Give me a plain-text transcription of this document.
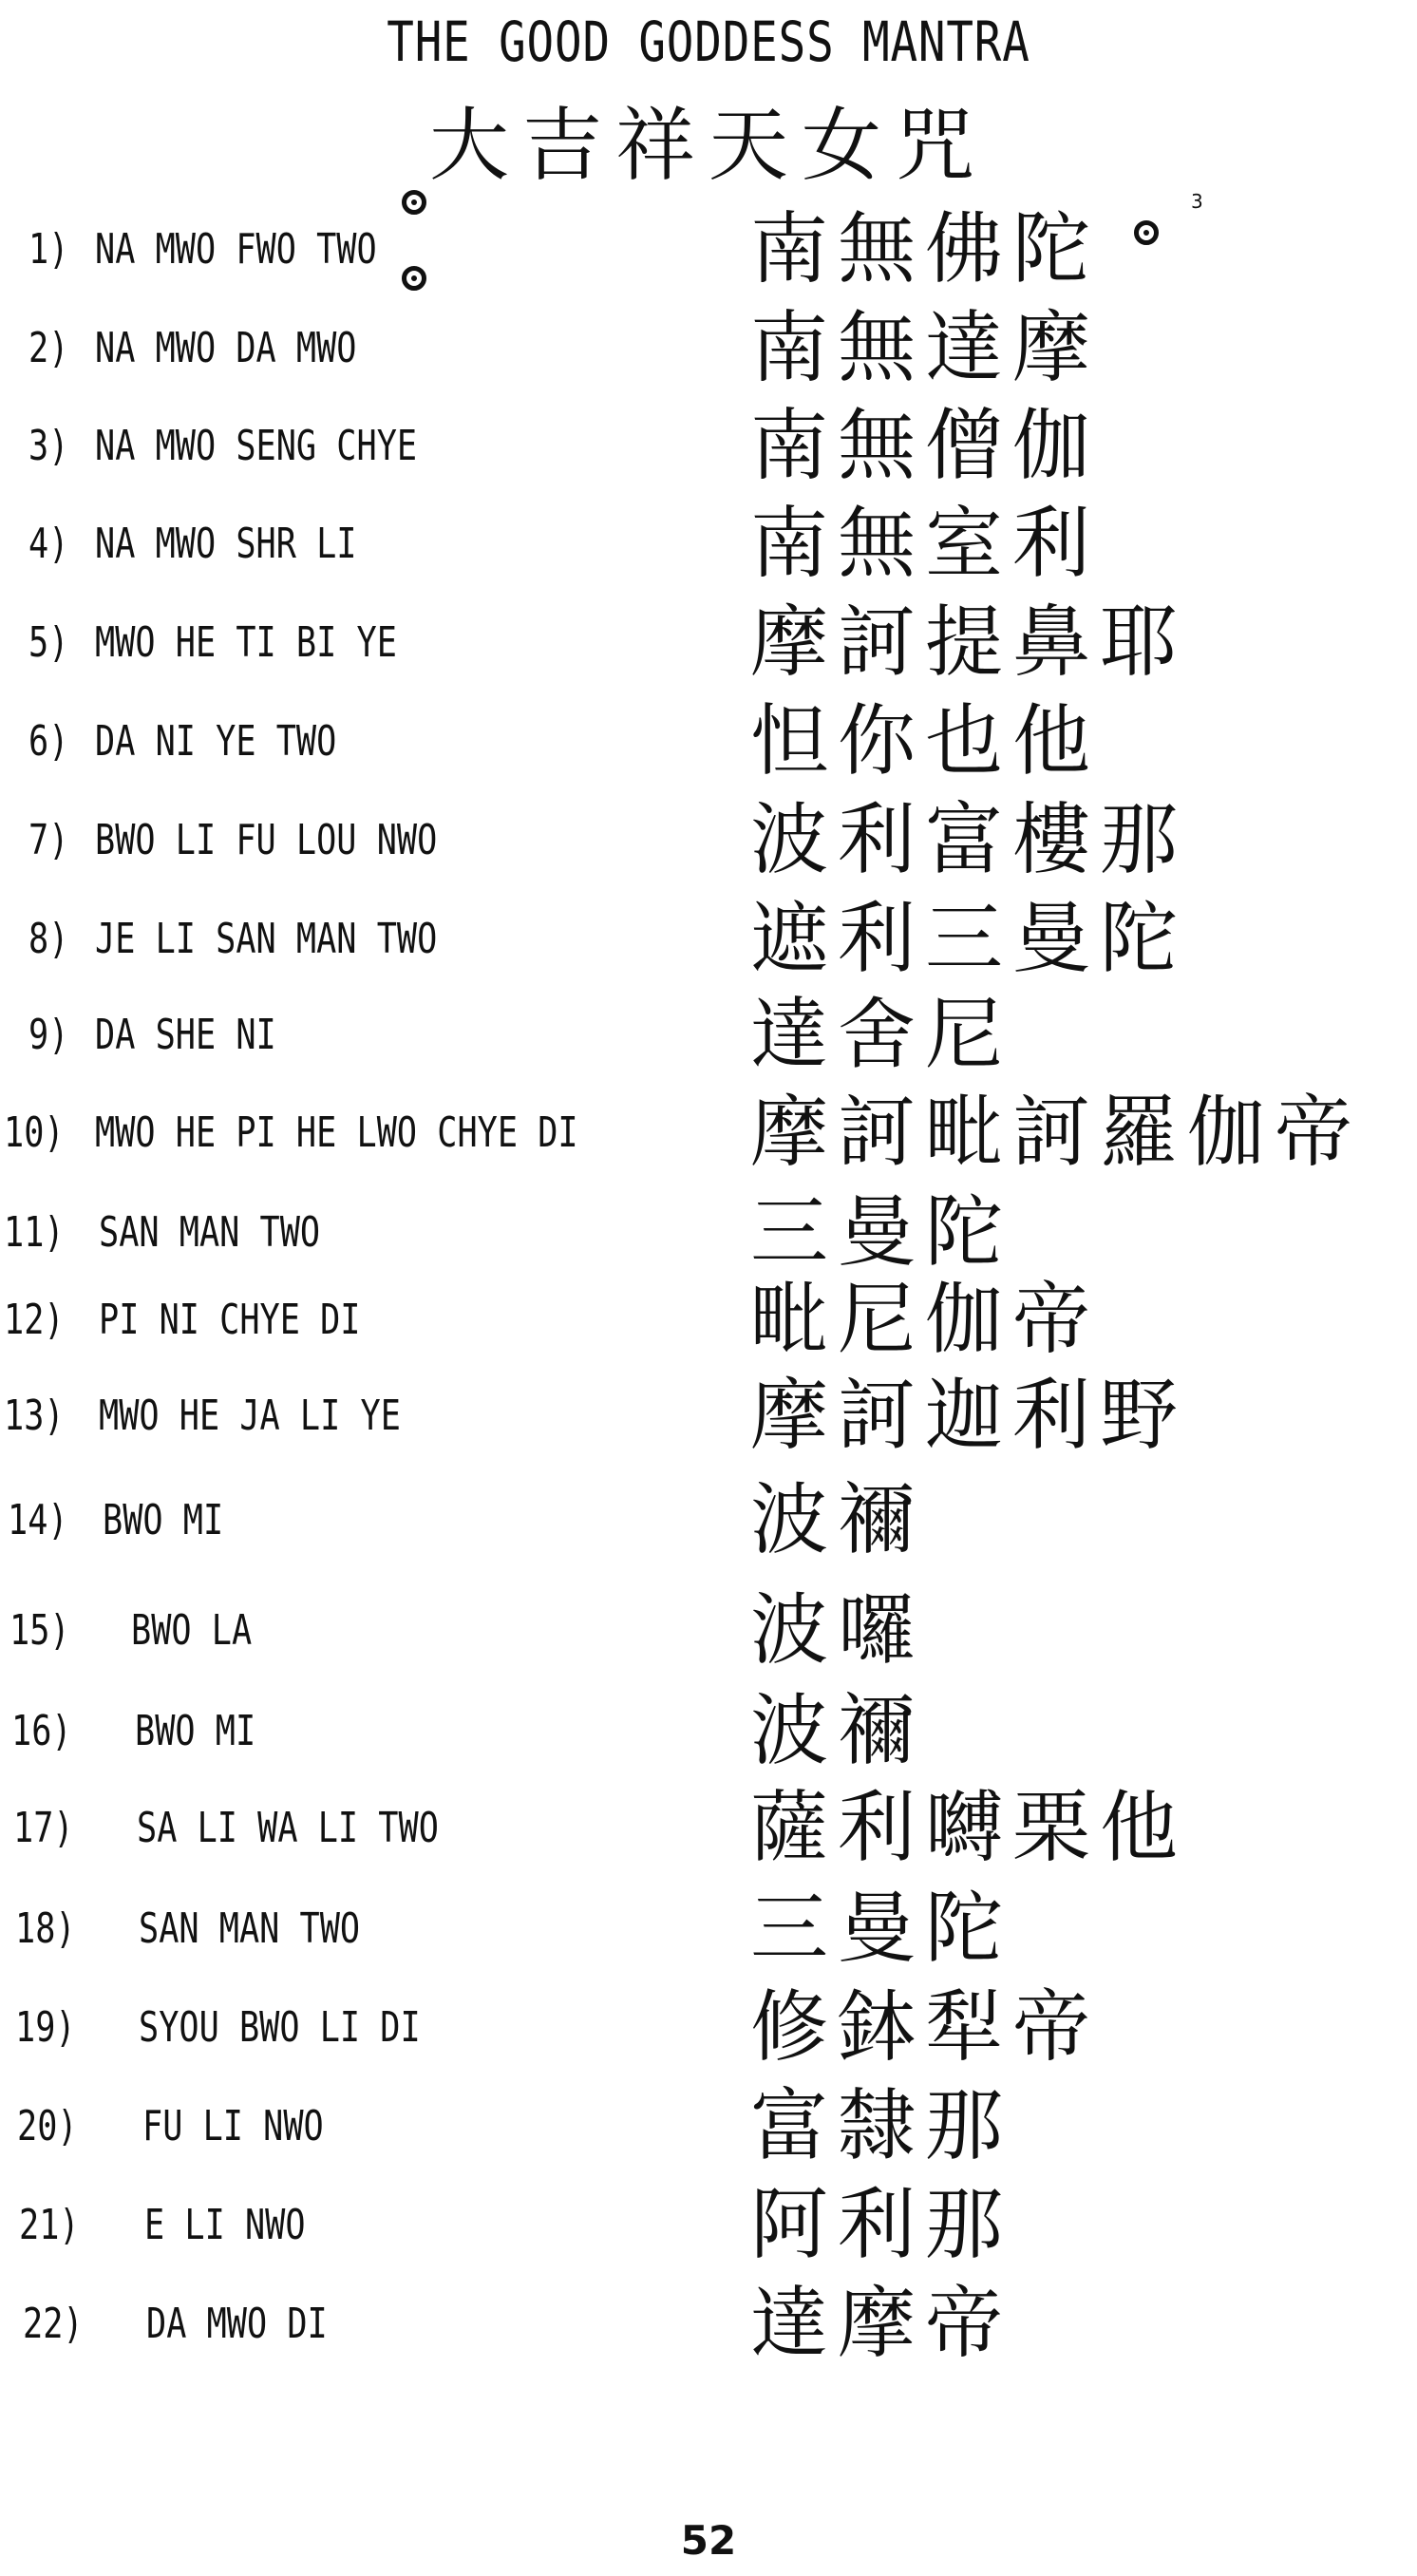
THE GOOD GODDESS MANTRA
大吉祥天女咒
1) NA MWO FWO TWO	南無佛陀
2) NA MWO DA MWO	南無達摩
3) NA MWO SENG CHYE	南無僧伽
4) NA MWO SHR LI	南無室利
5) MWO HE TI BI YE	摩訶提鼻耶
6) DA NI YE TWO	怛你也他
7) BWO LI FU LOU NWO	波利富樓那
8) JE LI SAN MAN TWO	遮利三曼陀
9) DA SHE NI	達舍尼
10) MWO HE PI HE LWO CHYE DI 摩訶毗訶羅伽帝
11) SAN MAN TWO	三曼陀
12) PI NI CHYE DI	毗尼伽帝
13) MWO HE JA LI YE	摩訶迦利野
14) BWO MI	波禰
15) BWO LA	波囉
16) BWO MI	波禰
17) SA LI WA LI TWO	薩利嚩栗他
18) SAN MAN TWO	三曼陀
19) SYOU BWO LI DI	修鉢犁帝
20) FU LI NWO	富隸那
21) E LI NWO	阿利那
22) DA MWO DI	達摩帝
3
52
